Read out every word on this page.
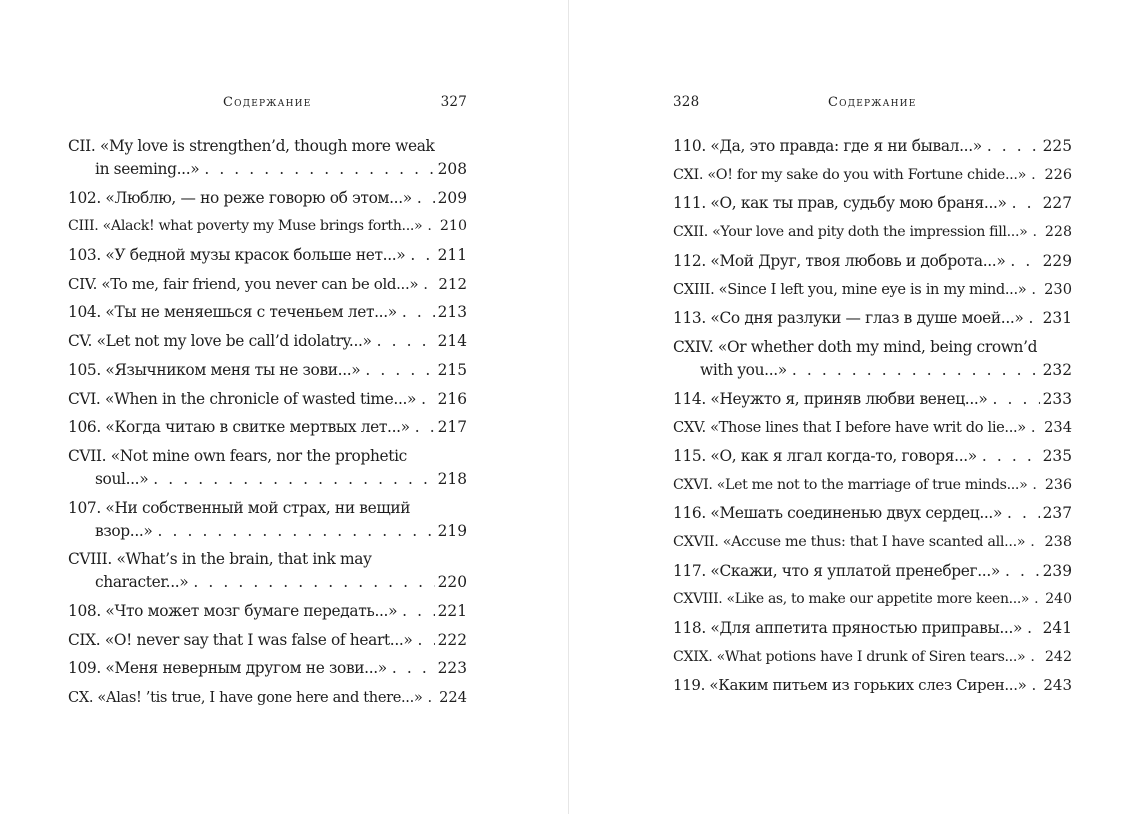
Содержание	327
CII. «My love is strengthen’d, though more weak
in seeming...» . . .	208
102. «Люблю, — но реже говорю об этом...» . . . 209
CIII. «Alack! what poverty my Muse brings forth...» . . . 210
103. «У бедной музы красок больше нет...» . . . 211
CIV. «To me, fair friend, you never can be old...» . . . 212
104. «Ты не меняешься с теченьем лет...» . . .	213
CV. «Let not my love be call’d idolatry...» . . .	214
105. «Язычником меня ты не зови...» . . .	215
CVI. «When in the chronicle of wasted time...» . . . 216
106. «Когда читаю в свитке мертвых лет...» . . . 217
CVII. «Not mine own fears, nor the prophetic
soul...» . . .	218
107. «Ни собственный мой страх, ни вещий
взор...» . . .	219
CVIII. «What’s in the brain, that ink may
character...» . . .	220
108. «Что может мозг бумаге передать...» . . .	221
CIX. «O! never say that I was false of heart...» . . . 222
109. «Меня неверным другом не зови...» . . .	223
CX. «Alas! ’tis true, I have gone here and there...» . . . 224
328	Содержание
110. «Да, это правда: где я ни бывал...» . . .	225
CXI. «O! for my sake do you with Fortune chide...» . . . 226
111. «О, как ты прав, судьбу мою браня...» . . . 227
CXII. «Your love and pity doth the impression fill...» . . . 228
112. «Мой Друг, твоя любовь и доброта...» . . . 229
CXIII. «Since I left you, mine eye is in my mind...» . . . 230
113. «Со дня разлуки — глаз в душе моей...» . . . 231
CXIV. «Or whether doth my mind, being crown’d
with you...» . . .	232
114. «Неужто я, приняв любви венец...» . . .	233
CXV. «Those lines that I before have writ do lie...» . . . 234
115. «О, как я лгал когда-то, говоря...» . . .	235
CXVI. «Let me not to the marriage of true minds...» . . . 236
116. «Мешать соединенью двух сердец...» . . .	237
CXVII. «Accuse me thus: that I have scanted all...» . . . 238
117. «Скажи, что я уплатой пренебрег...» . . .	239
CXVIII. «Like as, to make our appetite more keen...» . . . 240
118. «Для аппетита пряностью приправы...» . . . 241
CXIX. «What potions have I drunk of Siren tears...» . . . 242
119. «Каким питьем из горьких слез Сирен...» . . . 243
